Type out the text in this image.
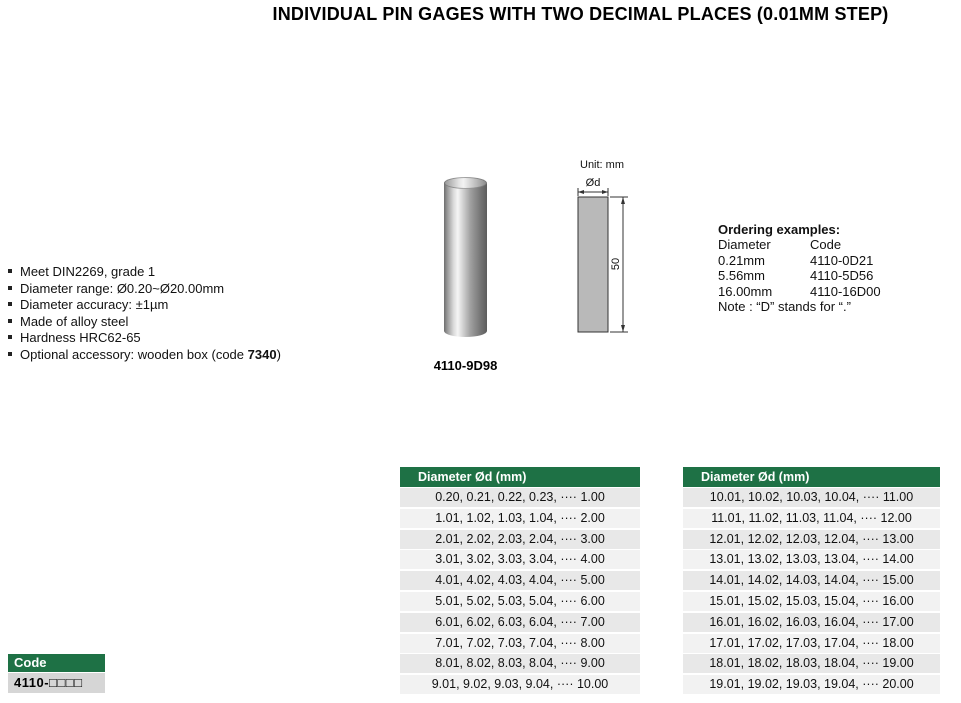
INDIVIDUAL PIN GAGES WITH TWO DECIMAL PLACES (0.01MM STEP)
Meet DIN2269, grade 1
Diameter range: Ø0.20~Ø20.00mm
Diameter accuracy: ±1µm
Made of alloy steel
Hardness HRC62-65
Optional accessory: wooden box (code 7340)
4110-9D98
Unit: mm
Ød
50
Ordering examples:
Diameter	Code
0.21mm	4110-0D21
5.56mm	4110-5D56
16.00mm	4110-16D00
Note : “D” stands for “.”
Diameter Ød (mm)
0.20, 0.21, 0.22, 0.23, ···· 1.00
1.01, 1.02, 1.03, 1.04, ···· 2.00
2.01, 2.02, 2.03, 2.04, ···· 3.00
3.01, 3.02, 3.03, 3.04, ···· 4.00
4.01, 4.02, 4.03, 4.04, ···· 5.00
5.01, 5.02, 5.03, 5.04, ···· 6.00
6.01, 6.02, 6.03, 6.04, ···· 7.00
7.01, 7.02, 7.03, 7.04, ···· 8.00
8.01, 8.02, 8.03, 8.04, ···· 9.00
9.01, 9.02, 9.03, 9.04, ···· 10.00
Diameter Ød (mm)
10.01, 10.02, 10.03, 10.04, ···· 11.00
11.01, 11.02, 11.03, 11.04, ···· 12.00
12.01, 12.02, 12.03, 12.04, ···· 13.00
13.01, 13.02, 13.03, 13.04, ···· 14.00
14.01, 14.02, 14.03, 14.04, ···· 15.00
15.01, 15.02, 15.03, 15.04, ···· 16.00
16.01, 16.02, 16.03, 16.04, ···· 17.00
17.01, 17.02, 17.03, 17.04, ···· 18.00
18.01, 18.02, 18.03, 18.04, ···· 19.00
19.01, 19.02, 19.03, 19.04, ···· 20.00
Code
4110-□□□□
